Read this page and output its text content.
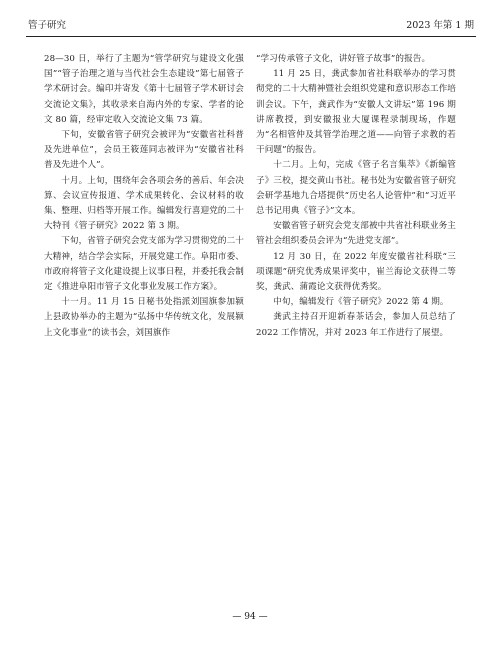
管子研究	2023 年第 1 期

28—30 日，举行了主题为“管学研究与建设文化强国”“管子治理之道与当代社会生态建设”第七届管子学术研讨会。编印并寄发《第十七届管子学术研讨会交流论文集》，其收录来自海内外的专家、学者的论文 80 篇，经审定收入交流论文集 73 篇。

下旬，安徽省管子研究会被评为“安徽省社科普及先进单位”，会员王筱莲同志被评为“安徽省社科普及先进个人”。

十月。上旬，围绕年会各项会务的善后、年会决算、会议宣传报道、学术成果转化、会议材料的收集、整理、归档等开展工作。编辑发行喜迎党的二十大特刊《管子研究》2022 第 3 期。

下旬，省管子研究会党支部为学习贯彻党的二十大精神，结合学会实际，开展党建工作。阜阳市委、市政府将管子文化建设提上议事日程，并委托我会制定《推进阜阳市管子文化事业发展工作方案》。

十一月。11 月 15 日秘书处指派刘国旗参加颍上县政协举办的主题为“弘扬中华传统文化，发展颍上文化事业”的读书会，刘国旗作

“学习传承管子文化，讲好管子故事”的报告。

11 月 25 日，龚武参加省社科联举办的学习贯彻党的二十大精神暨社会组织党建和意识形态工作培训会议。下午，龚武作为“安徽人文讲坛”第 196 期讲席教授，到安徽报业大厦课程录制现场，作题为“名相管仲及其管学治理之道——向管子求教的若干问题”的报告。

十二月。上旬，完成《管子名言集萃》《新编管子》三校，提交黄山书社。秘书处为安徽省管子研究会研学基地九合塔提供“历史名人论管仲”和“习近平总书记用典《管子》”文本。

安徽省管子研究会党支部被中共省社科联业务主管社会组织委员会评为“先进党支部”。

12 月 30 日，在 2022 年度安徽省社科联“三项课题”研究优秀成果评奖中，崔兰海论文获得二等奖，龚武、蒲霞论文获得优秀奖。

中旬，编辑发行《管子研究》2022 第 4 期。

龚武主持召开迎新春茶话会，参加人员总结了 2022 工作情况，并对 2023 年工作进行了展望。

— 94 —
